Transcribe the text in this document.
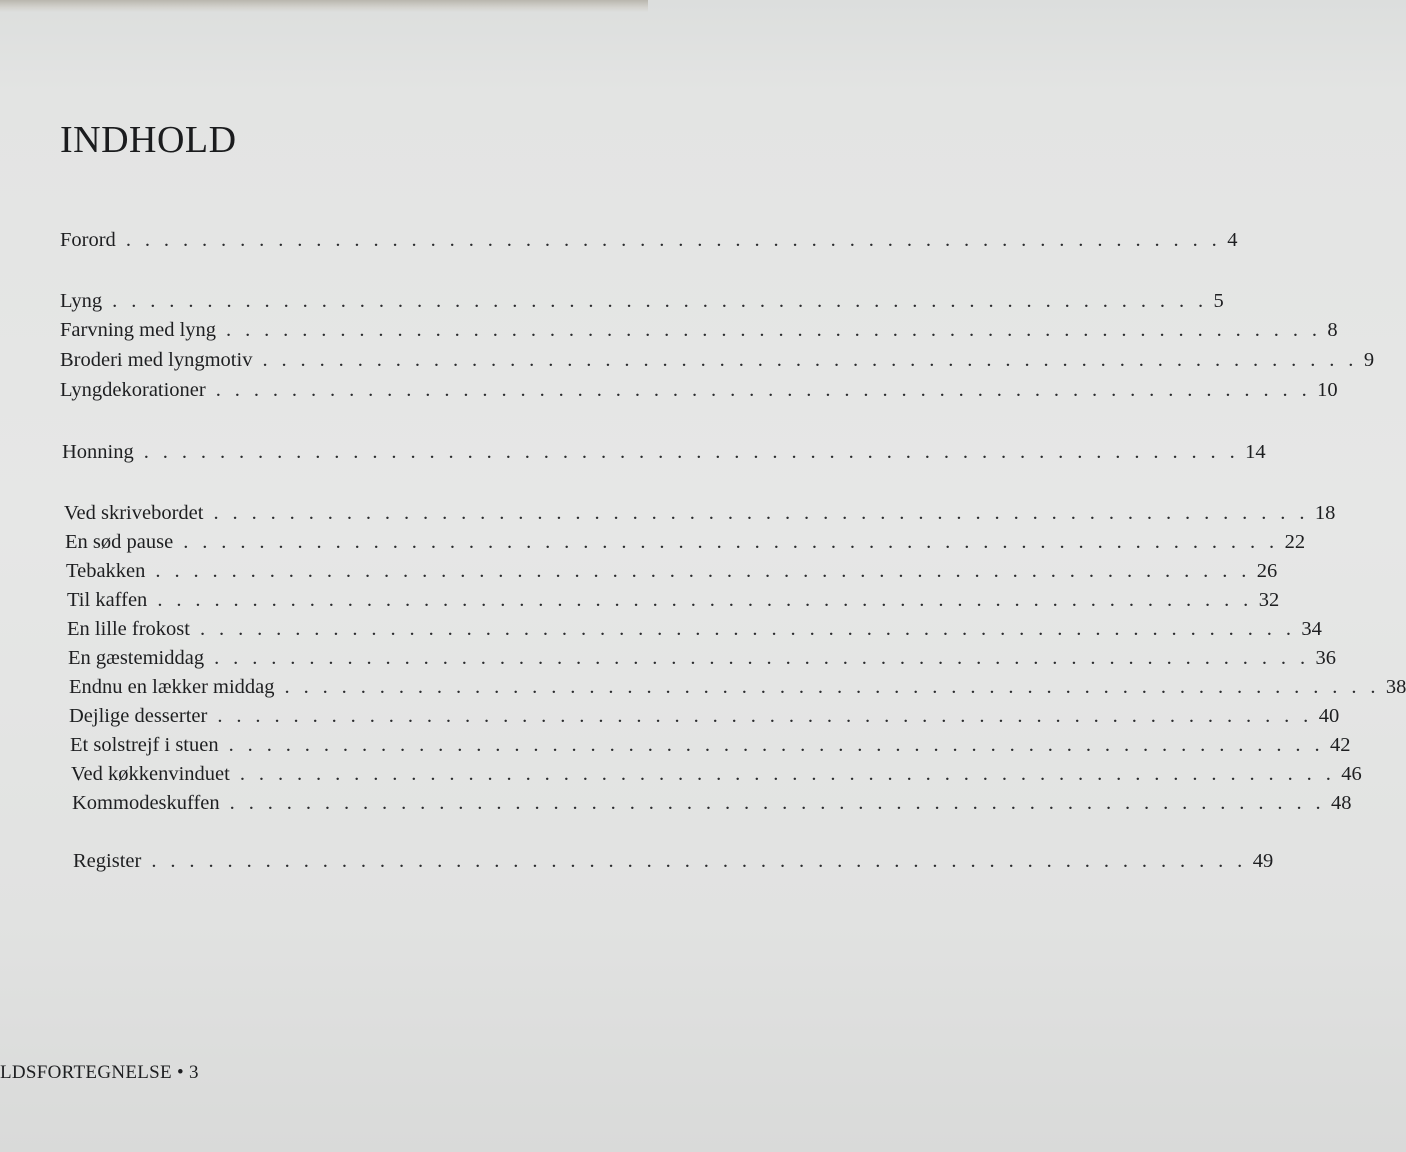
INDHOLD
Forord . . . . . . . . . . . . . . . . . . . . . . . . . . . . . . . . . . . . . . . . . . . . . . . . . . . . . . . . . . 4
Lyng . . . . . . . . . . . . . . . . . . . . . . . . . . . . . . . . . . . . . . . . . . . . . . . . . . . . . . . . . . 5
Farvning med lyng . . . . . . . . . . . . . . . . . . . . . . . . . . . . . . . . . . . . . . . . . . . . . . . . . . . . . . . . . . 8
Broderi med lyngmotiv . . . . . . . . . . . . . . . . . . . . . . . . . . . . . . . . . . . . . . . . . . . . . . . . . . . . . . . . . . 9
Lyngdekorationer . . . . . . . . . . . . . . . . . . . . . . . . . . . . . . . . . . . . . . . . . . . . . . . . . . . . . . . . . . 10
Honning . . . . . . . . . . . . . . . . . . . . . . . . . . . . . . . . . . . . . . . . . . . . . . . . . . . . . . . . . . 14
Ved skrivebordet . . . . . . . . . . . . . . . . . . . . . . . . . . . . . . . . . . . . . . . . . . . . . . . . . . . . . . . . . . 18
En sød pause . . . . . . . . . . . . . . . . . . . . . . . . . . . . . . . . . . . . . . . . . . . . . . . . . . . . . . . . . . 22
Tebakken . . . . . . . . . . . . . . . . . . . . . . . . . . . . . . . . . . . . . . . . . . . . . . . . . . . . . . . . . . 26
Til kaffen . . . . . . . . . . . . . . . . . . . . . . . . . . . . . . . . . . . . . . . . . . . . . . . . . . . . . . . . . . 32
En lille frokost . . . . . . . . . . . . . . . . . . . . . . . . . . . . . . . . . . . . . . . . . . . . . . . . . . . . . . . . . . 34
En gæstemiddag . . . . . . . . . . . . . . . . . . . . . . . . . . . . . . . . . . . . . . . . . . . . . . . . . . . . . . . . . . 36
Endnu en lækker middag . . . . . . . . . . . . . . . . . . . . . . . . . . . . . . . . . . . . . . . . . . . . . . . . . . . . . . . . . . 38
Dejlige desserter . . . . . . . . . . . . . . . . . . . . . . . . . . . . . . . . . . . . . . . . . . . . . . . . . . . . . . . . . . 40
Et solstrejf i stuen . . . . . . . . . . . . . . . . . . . . . . . . . . . . . . . . . . . . . . . . . . . . . . . . . . . . . . . . . . 42
Ved køkkenvinduet . . . . . . . . . . . . . . . . . . . . . . . . . . . . . . . . . . . . . . . . . . . . . . . . . . . . . . . . . . 46
Kommodeskuffen . . . . . . . . . . . . . . . . . . . . . . . . . . . . . . . . . . . . . . . . . . . . . . . . . . . . . . . . . . 48
Register . . . . . . . . . . . . . . . . . . . . . . . . . . . . . . . . . . . . . . . . . . . . . . . . . . . . . . . . . . 49
LDSFORTEGNELSE • 3
